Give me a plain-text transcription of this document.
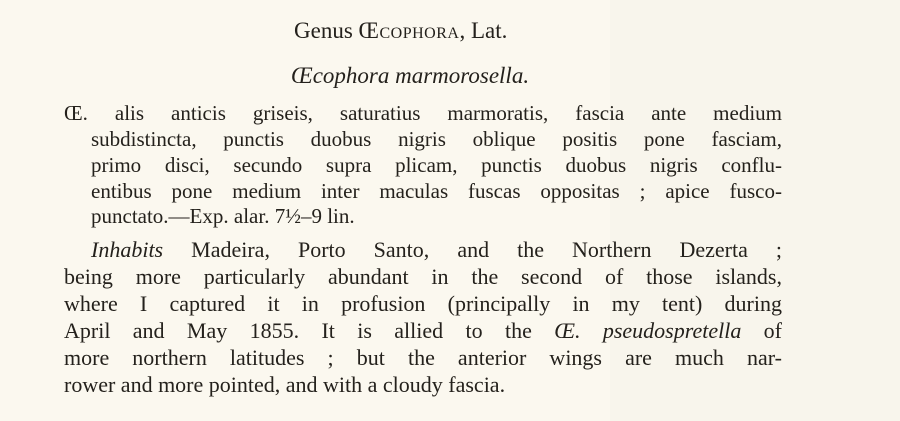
Genus Œcophora, Lat.
Œcophora marmorosella.
Œ. alis anticis griseis, saturatius marmoratis, fascia ante medium
subdistincta, punctis duobus nigris oblique positis pone fasciam,
primo disci, secundo supra plicam, punctis duobus nigris conflu-
entibus pone medium inter maculas fuscas oppositas ; apice fusco-
punctato.—Exp. alar. 7½–9 lin.
Inhabits Madeira, Porto Santo, and the Northern Dezerta ;
being more particularly abundant in the second of those islands,
where I captured it in profusion (principally in my tent) during
April and May 1855. It is allied to the Œ. pseudospretella of
more northern latitudes ; but the anterior wings are much nar-
rower and more pointed, and with a cloudy fascia.
